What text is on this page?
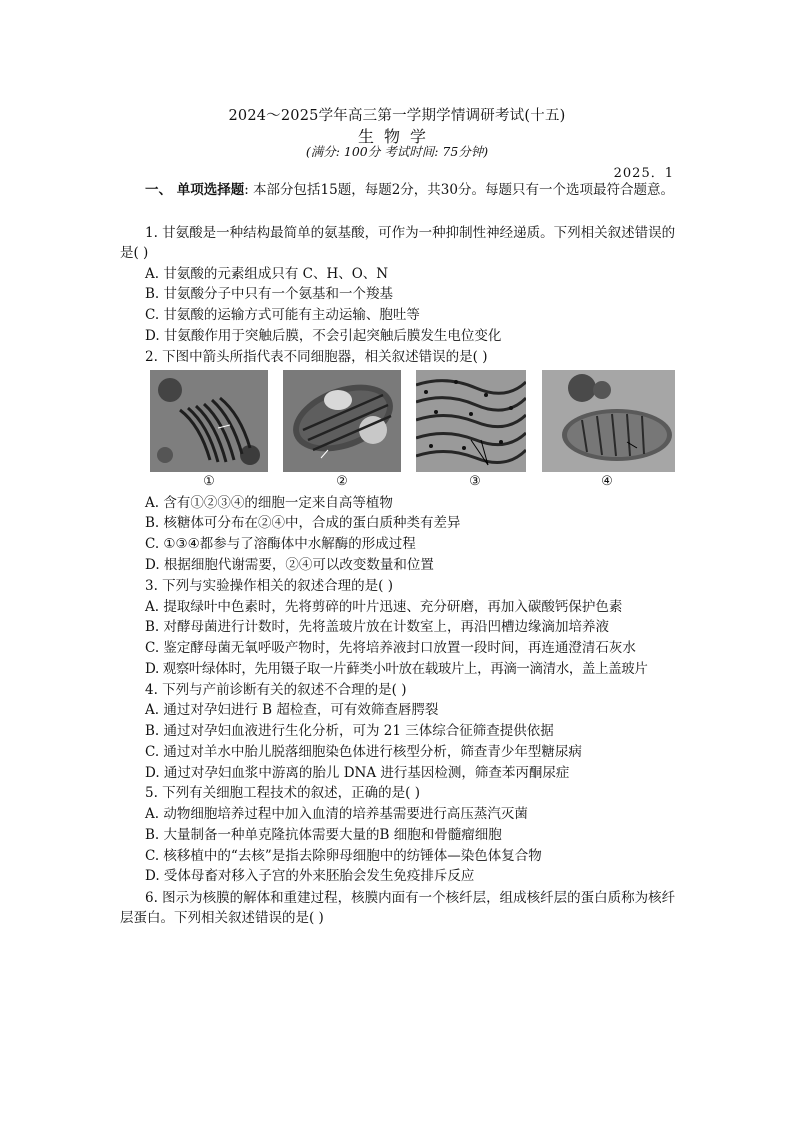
2024～2025学年高三第一学期学情调研考试(十五)
生物学
(满分: 100分 考试时间: 75分钟)
2025．1
一、 单项选择题: 本部分包括15题，每题2分，共30分。每题只有一个选项最符合题意。
1. 甘氨酸是一种结构最简单的氨基酸，可作为一种抑制性神经递质。下列相关叙述错误的是( )
A. 甘氨酸的元素组成只有 C、H、O、N
B. 甘氨酸分子中只有一个氨基和一个羧基
C. 甘氨酸的运输方式可能有主动运输、胞吐等
D. 甘氨酸作用于突触后膜，不会引起突触后膜发生电位变化
2. 下图中箭头所指代表不同细胞器，相关叙述错误的是( )
①	②	③	④
A. 含有①②③④的细胞一定来自高等植物
B. 核糖体可分布在②④中，合成的蛋白质种类有差异
C. ①③④都参与了溶酶体中水解酶的形成过程
D. 根据细胞代谢需要，②④可以改变数量和位置
3. 下列与实验操作相关的叙述合理的是( )
A. 提取绿叶中色素时，先将剪碎的叶片迅速、充分研磨，再加入碳酸钙保护色素
B. 对酵母菌进行计数时，先将盖玻片放在计数室上，再沿凹槽边缘滴加培养液
C. 鉴定酵母菌无氧呼吸产物时，先将培养液封口放置一段时间，再连通澄清石灰水
D. 观察叶绿体时，先用镊子取一片藓类小叶放在载玻片上，再滴一滴清水，盖上盖玻片
4. 下列与产前诊断有关的叙述不合理的是( )
A. 通过对孕妇进行 B 超检查，可有效筛查唇腭裂
B. 通过对孕妇血液进行生化分析，可为 21 三体综合征筛查提供依据
C. 通过对羊水中胎儿脱落细胞染色体进行核型分析，筛查青少年型糖尿病
D. 通过对孕妇血浆中游离的胎儿 DNA 进行基因检测，筛查苯丙酮尿症
5. 下列有关细胞工程技术的叙述，正确的是( )
A. 动物细胞培养过程中加入血清的培养基需要进行高压蒸汽灭菌
B. 大量制备一种单克隆抗体需要大量的B 细胞和骨髓瘤细胞
C. 核移植中的“去核”是指去除卵母细胞中的纺锤体—染色体复合物
D. 受体母畜对移入子宫的外来胚胎会发生免疫排斥反应
6. 图示为核膜的解体和重建过程，核膜内面有一个核纤层，组成核纤层的蛋白质称为核纤层蛋白。下列相关叙述错误的是( )
